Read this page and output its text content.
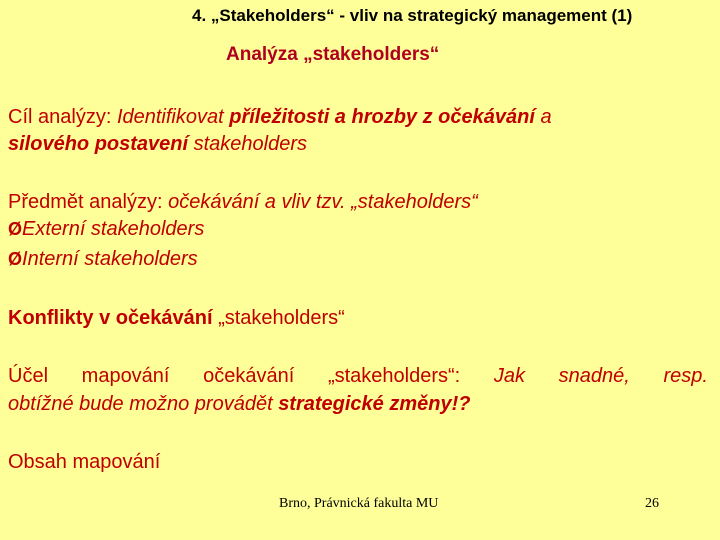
4. „Stakeholders“ - vliv na strategický management (1)
Analýza „stakeholders“
Cíl analýzy: Identifikovat příležitosti a hrozby z očekávání a
silového postavení stakeholders
Předmět analýzy: očekávání a vliv tzv. „stakeholders“
ØExterní stakeholders
ØInterní stakeholders
Konflikty v očekávání „stakeholders“
Účel mapování očekávání „stakeholders“: Jak snadné, resp.
obtížné bude možno provádět strategické změny!?
Obsah mapování
Brno, Právnická fakulta MU	26
